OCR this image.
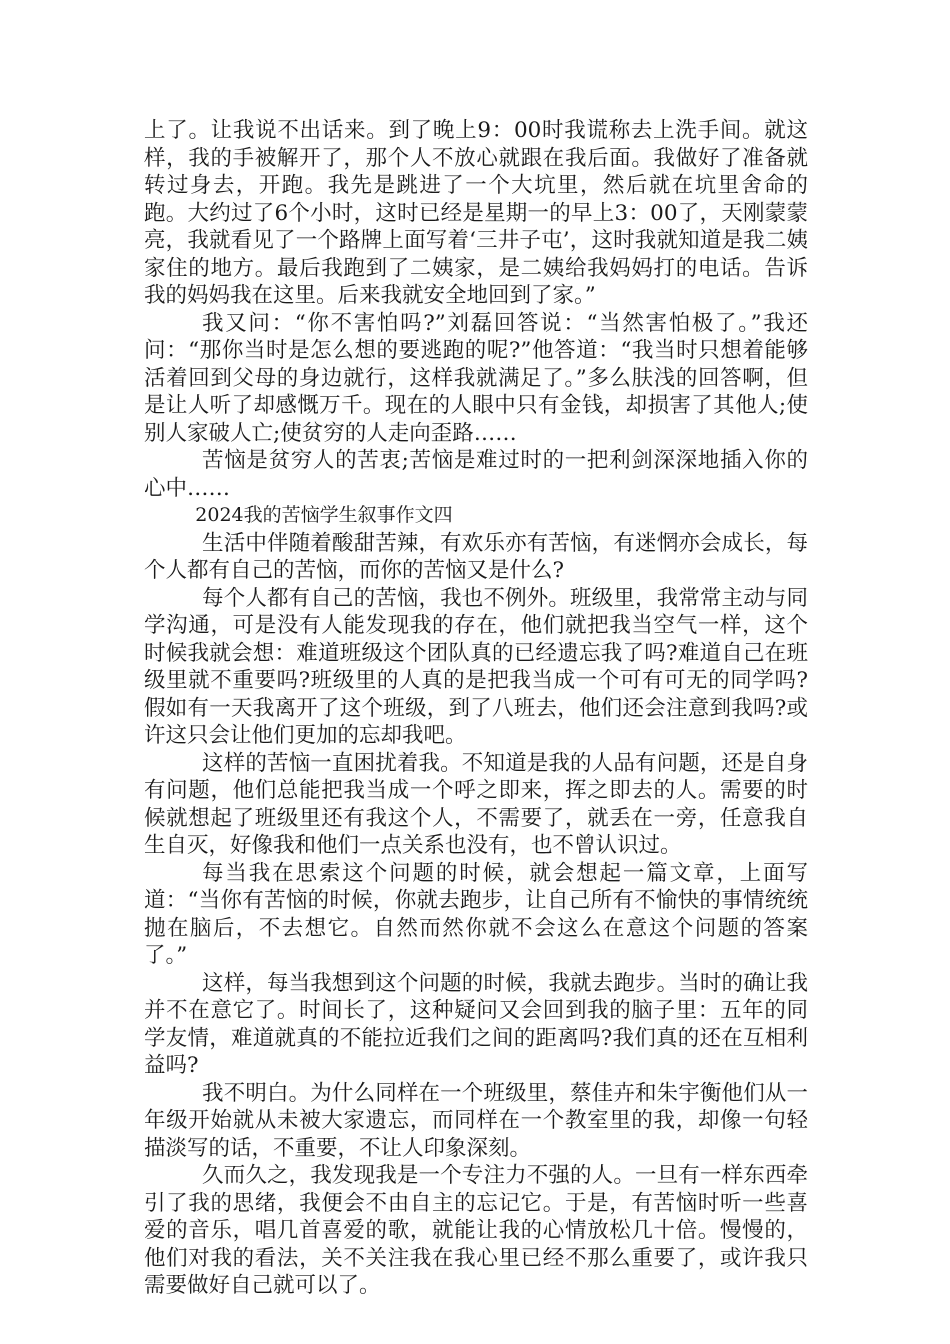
上了。让我说不出话来。到了晚上9：00时我谎称去上洗手间。就这样，我的手被解开了，那个人不放心就跟在我后面。我做好了准备就转过身去，开跑。我先是跳进了一个大坑里，然后就在坑里舍命的跑。大约过了6个小时，这时已经是星期一的早上3：00了，天刚蒙蒙亮，我就看见了一个路牌上面写着‘三井子屯’，这时我就知道是我二姨家住的地方。最后我跑到了二姨家，是二姨给我妈妈打的电话。告诉我的妈妈我在这里。后来我就安全地回到了家。”

我又问：“你不害怕吗?”刘磊回答说：“当然害怕极了。”我还问：“那你当时是怎么想的要逃跑的呢?”他答道：“我当时只想着能够活着回到父母的身边就行，这样我就满足了。”多么肤浅的回答啊，但是让人听了却感慨万千。现在的人眼中只有金钱，却损害了其他人;使别人家破人亡;使贫穷的人走向歪路……

苦恼是贫穷人的苦衷;苦恼是难过时的一把利剑深深地插入你的心中……

2024我的苦恼学生叙事作文四

生活中伴随着酸甜苦辣，有欢乐亦有苦恼，有迷惘亦会成长，每个人都有自己的苦恼，而你的苦恼又是什么?

每个人都有自己的苦恼，我也不例外。班级里，我常常主动与同学沟通，可是没有人能发现我的存在，他们就把我当空气一样，这个时候我就会想：难道班级这个团队真的已经遗忘我了吗?难道自己在班级里就不重要吗?班级里的人真的是把我当成一个可有可无的同学吗?假如有一天我离开了这个班级，到了八班去，他们还会注意到我吗?或许这只会让他们更加的忘却我吧。

这样的苦恼一直困扰着我。不知道是我的人品有问题，还是自身有问题，他们总能把我当成一个呼之即来，挥之即去的人。需要的时候就想起了班级里还有我这个人，不需要了，就丢在一旁，任意我自生自灭，好像我和他们一点关系也没有，也不曾认识过。

每当我在思索这个问题的时候，就会想起一篇文章，上面写道：“当你有苦恼的时候，你就去跑步，让自己所有不愉快的事情统统抛在脑后，不去想它。自然而然你就不会这么在意这个问题的答案了。”

这样，每当我想到这个问题的时候，我就去跑步。当时的确让我并不在意它了。时间长了，这种疑问又会回到我的脑子里：五年的同学友情，难道就真的不能拉近我们之间的距离吗?我们真的还在互相利益吗?

我不明白。为什么同样在一个班级里，蔡佳卉和朱宇衡他们从一年级开始就从未被大家遗忘，而同样在一个教室里的我，却像一句轻描淡写的话，不重要，不让人印象深刻。

久而久之，我发现我是一个专注力不强的人。一旦有一样东西牵引了我的思绪，我便会不由自主的忘记它。于是，有苦恼时听一些喜爱的音乐，唱几首喜爱的歌，就能让我的心情放松几十倍。慢慢的，他们对我的看法，关不关注我在我心里已经不那么重要了，或许我只需要做好自己就可以了。
